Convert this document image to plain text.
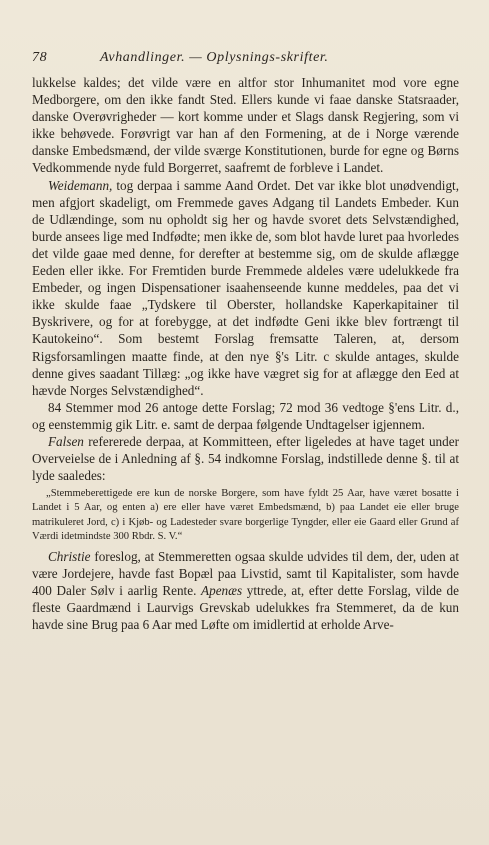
78	Avhandlinger. — Oplysnings-skrifter.

lukkelse kaldes; det vilde være en altfor stor Inhumanitet mod vore egne Medborgere, om den ikke fandt Sted. Ellers kunde vi faae danske Statsraader, danske Overøvrigheder — kort komme under et Slags dansk Regjering, som vi ikke behøvede. Forøvrigt var han af den Formening, at de i Norge værende danske Embedsmænd, der vilde sværge Konstitutionen, burde for egne og Børns Vedkommende nyde fuld Borgerret, saafremt de forbleve i Landet.

Weidemann, tog derpaa i samme Aand Ordet. Det var ikke blot unødvendigt, men afgjort skadeligt, om Fremmede gaves Adgang til Landets Embeder. Kun de Udlændinge, som nu opholdt sig her og havde svoret dets Selvstændighed, burde ansees lige med Indfødte; men ikke de, som blot havde luret paa hvorledes det vilde gaae med denne, for derefter at bestemme sig, om de skulde aflægge Eeden eller ikke. For Fremtiden burde Fremmede aldeles være udelukkede fra Embeder, og ingen Dispensationer isaahenseende kunne meddeles, paa det vi ikke skulde faae „Tydskere til Oberster, hollandske Kaperkapitainer til Byskrivere, og for at forebygge, at det indfødte Geni ikke blev fortrængt til Kautokeino“. Som bestemt Forslag fremsatte Taleren, at, dersom Rigsforsamlingen maatte finde, at den nye §'s Litr. c skulde antages, skulde denne gives saadant Tillæg: „og ikke have vægret sig for at aflægge den Eed at hævde Norges Selvstændighed“.

84 Stemmer mod 26 antoge dette Forslag; 72 mod 36 vedtoge §'ens Litr. d., og eenstemmig gik Litr. e. samt de derpaa følgende Undtagelser igjennem.

Falsen refererede derpaa, at Kommitteen, efter ligeledes at have taget under Overveielse de i Anledning af §. 54 indkomne Forslag, indstillede denne §. til at lyde saaledes:

„Stemmeberettigede ere kun de norske Borgere, som have fyldt 25 Aar, have været bosatte i Landet i 5 Aar, og enten a) ere eller have været Embedsmænd, b) paa Landet eie eller bruge matrikuleret Jord, c) i Kjøb- og Ladesteder svare borgerlige Tyngder, eller eie Gaard eller Grund af Værdi idetmindste 300 Rbdr. S. V.“

Christie foreslog, at Stemmeretten ogsaa skulde udvides til dem, der, uden at være Jordejere, havde fast Bopæl paa Livstid, samt til Kapitalister, som havde 400 Daler Sølv i aarlig Rente. Apenæs yttrede, at, efter dette Forslag, vilde de fleste Gaardmænd i Laurvigs Grevskab udelukkes fra Stemmeret, da de kun havde sine Brug paa 6 Aar med Løfte om imidlertid at erholde Arve-
